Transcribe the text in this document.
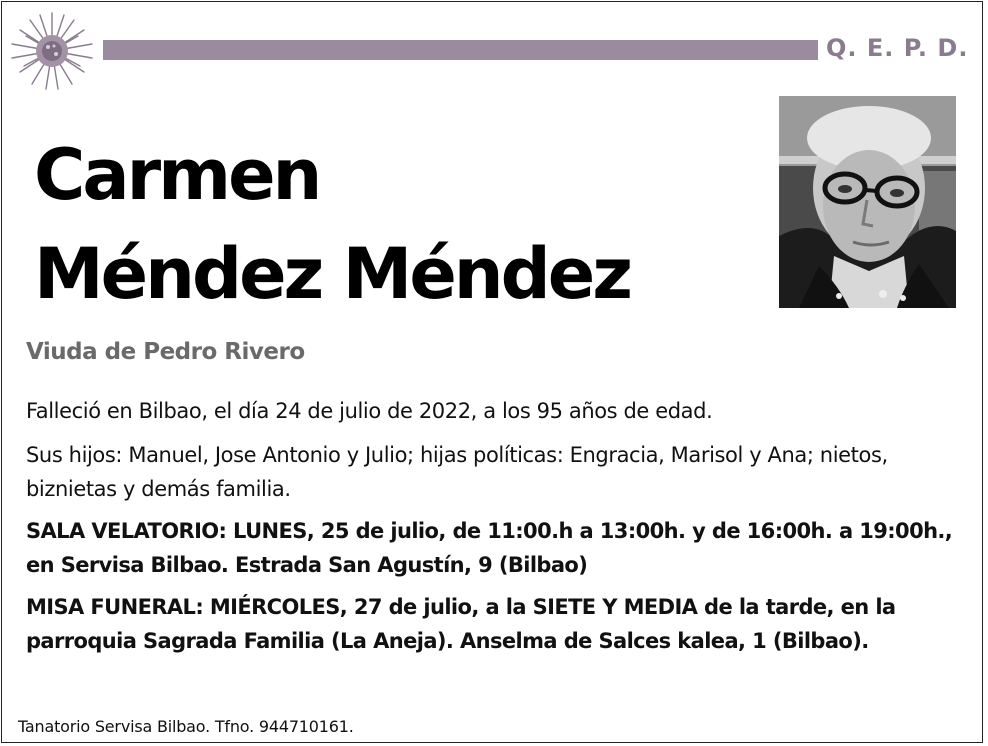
Q. E. P. D.
Carmen
Méndez Méndez
Viuda de Pedro Rivero
Falleció en Bilbao, el día 24 de julio de 2022, a los 95 años de edad.
Sus hijos: Manuel, Jose Antonio y Julio; hijas políticas: Engracia, Marisol y Ana; nietos, biznietas y demás familia.
SALA VELATORIO: LUNES, 25 de julio, de 11:00.h a 13:00h. y de 16:00h. a 19:00h., en Servisa Bilbao. Estrada San Agustín, 9 (Bilbao)
MISA FUNERAL: MIÉRCOLES, 27 de julio, a la SIETE Y MEDIA de la tarde, en la parroquia Sagrada Familia (La Aneja). Anselma de Salces kalea, 1 (Bilbao).
Tanatorio Servisa Bilbao. Tfno. 944710161.
